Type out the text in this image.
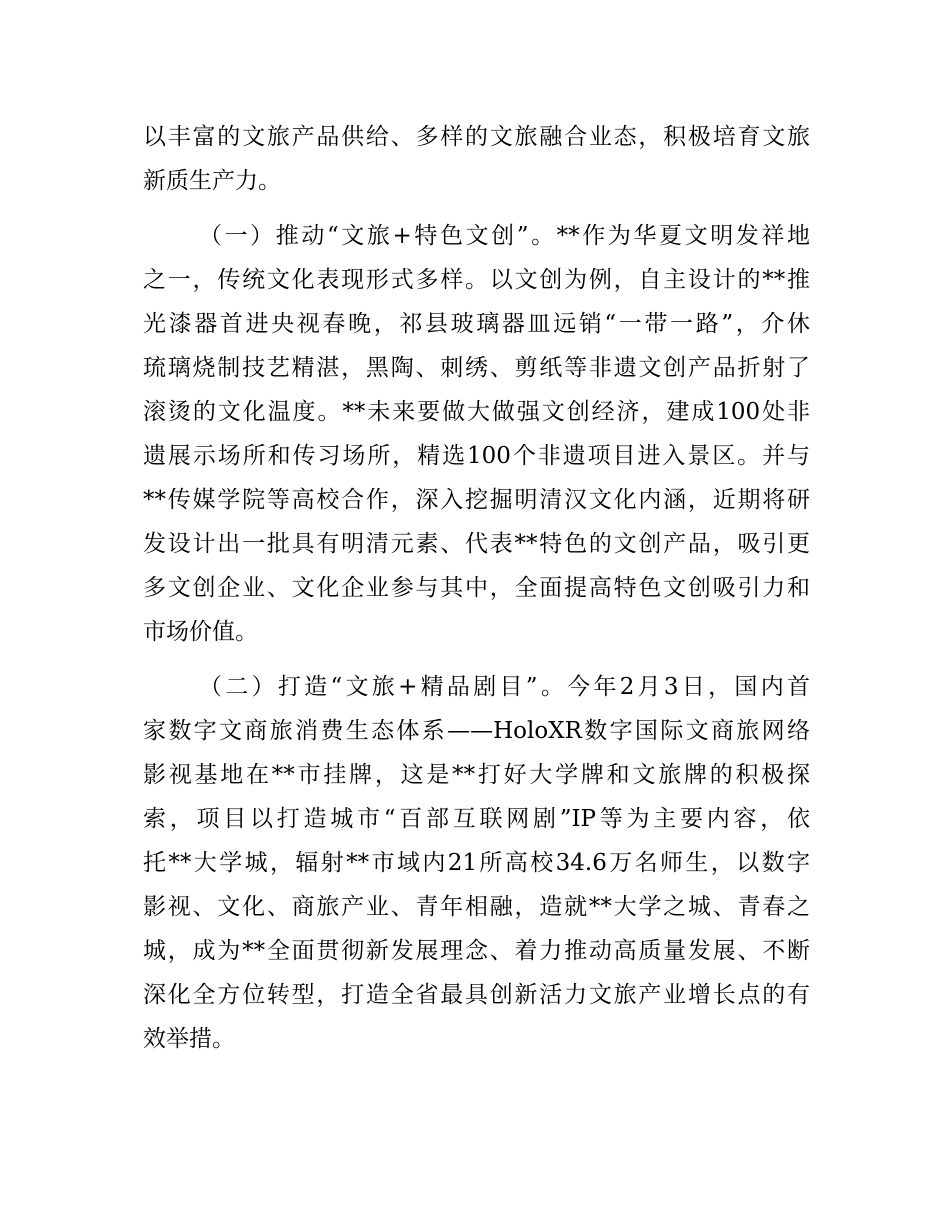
以丰富的文旅产品供给、多样的文旅融合业态，积极培育文旅
新质生产力。
（一）推动“文旅+特色文创”。**作为华夏文明发祥地
之一，传统文化表现形式多样。以文创为例，自主设计的**推
光漆器首进央视春晚，祁县玻璃器皿远销“一带一路”，介休
琉璃烧制技艺精湛，黑陶、刺绣、剪纸等非遗文创产品折射了
滚烫的文化温度。**未来要做大做强文创经济，建成100处非
遗展示场所和传习场所，精选100个非遗项目进入景区。并与
**传媒学院等高校合作，深入挖掘明清汉文化内涵，近期将研
发设计出一批具有明清元素、代表**特色的文创产品，吸引更
多文创企业、文化企业参与其中，全面提高特色文创吸引力和
市场价值。
（二）打造“文旅+精品剧目”。今年2月3日，国内首
家数字文商旅消费生态体系——HoloXR数字国际文商旅网络
影视基地在**市挂牌，这是**打好大学牌和文旅牌的积极探
索，项目以打造城市“百部互联网剧”IP等为主要内容，依
托**大学城，辐射**市域内21所高校34.6万名师生，以数字
影视、文化、商旅产业、青年相融，造就**大学之城、青春之
城，成为**全面贯彻新发展理念、着力推动高质量发展、不断
深化全方位转型，打造全省最具创新活力文旅产业增长点的有
效举措。
